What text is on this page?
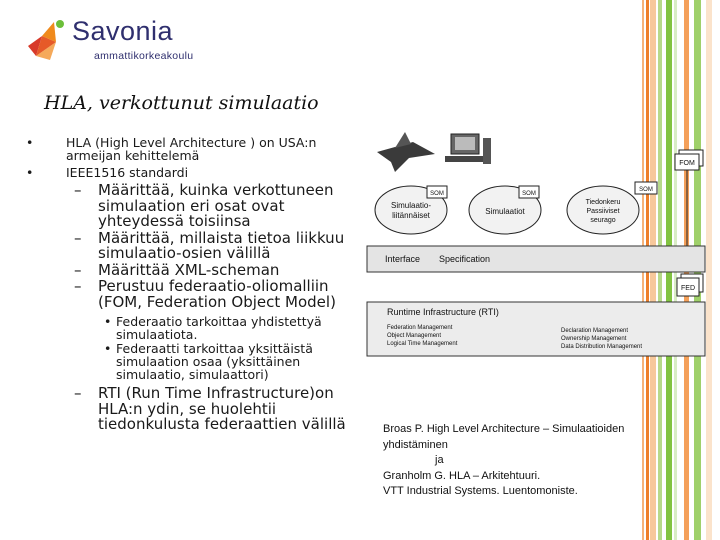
Savonia
ammattikorkeakoulu
HLA, verkottunut simulaatio
•	HLA (High Level Architecture ) on USA:n armeijan kehittelemä
•	IEEE1516 standardi
– Määrittää, kuinka verkottuneen simulaation eri osat ovat yhteydessä toisiinsa
– Määrittää, millaista tietoa liikkuu simulaatio-osien välillä
– Määrittää XML-scheman
– Perustuu federaatio-oliomalliin (FOM, Federation Object Model)
• Federaatio tarkoittaa yhdistettyä simulaatiota.
• Federaatti tarkoittaa yksittäistä simulaation osaa (yksittäinen simulaatio, simulaattori)
– RTI (Run Time Infrastructure)on HLA:n ydin, se huolehtii tiedonkulusta federaattien välillä
SOM
Simulaatio-
liitännäiset
SOM
Simulaatiot
SOM
Tiedonkeru
Passiiviset
seurago
FOM
Interface Specification
FED
Runtime Infrastructure (RTI)
Federation Management
Object Management
Logical Time Management
Declaration Management
Ownership Management
Data Distribution Management
Broas P. High Level Architecture – Simulaatioiden yhdistäminen
ja
Granholm G. HLA – Arkitehtuuri.
VTT Industrial Systems. Luentomoniste.
